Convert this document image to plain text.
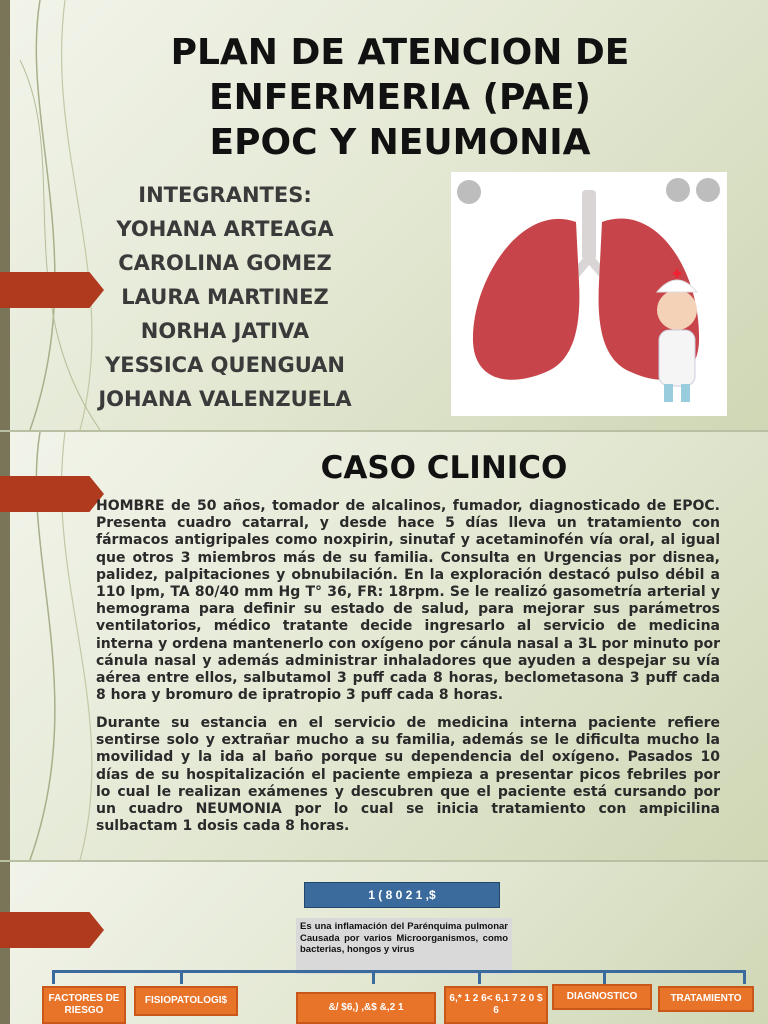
PLAN DE ATENCION DE
ENFERMERIA (PAE)
EPOC Y NEUMONIA
INTEGRANTES:
YOHANA ARTEAGA
CAROLINA GOMEZ
LAURA MARTINEZ
NORHA JATIVA
YESSICA QUENGUAN
JOHANA VALENZUELA
CASO CLINICO
HOMBRE de 50 años, tomador de alcalinos, fumador, diagnosticado de EPOC. Presenta cuadro catarral, y desde hace 5 días lleva un tratamiento con fármacos antigripales como noxpirin, sinutaf y acetaminofén vía oral, al igual que otros 3 miembros más de su familia. Consulta en Urgencias por disnea, palidez, palpitaciones y obnubilación. En la exploración destacó pulso débil a 110 lpm, TA 80/40 mm Hg T° 36, FR: 18rpm. Se le realizó gasometría arterial y hemograma para definir su estado de salud, para mejorar sus parámetros ventilatorios, médico tratante decide ingresarlo al servicio de medicina interna y ordena mantenerlo con oxígeno por cánula nasal a 3L por minuto por cánula nasal y además administrar inhaladores que ayuden a despejar su vía aérea entre ellos, salbutamol 3 puff cada 8 horas, beclometasona 3 puff cada 8 hora y bromuro de ipratropio 3 puff cada 8 horas.
Durante su estancia en el servicio de medicina interna paciente refiere sentirse solo y extrañar mucho a su familia, además se le dificulta mucho la movilidad y la ida al baño porque su dependencia del oxígeno. Pasados 10 días de su hospitalización el paciente empieza a presentar picos febriles por lo cual le realizan exámenes y descubren que el paciente está cursando por un cuadro NEUMONIA por lo cual se inicia tratamiento con ampicilina sulbactam 1 dosis cada 8 horas.
1 ( 8 0 2 1 ,$
Es una inflamación del Parénquima pulmonar Causada por varios Microorganismos, como bacterias, hongos y virus
FACTORES DE RIESGO
FISIOPATOLOGI$
&/ $6,) ,&$ &,2 1
6,* 1 2 6< 6,1 7 2 0 $ 6
DIAGNOSTICO	TRATAMIENTO
